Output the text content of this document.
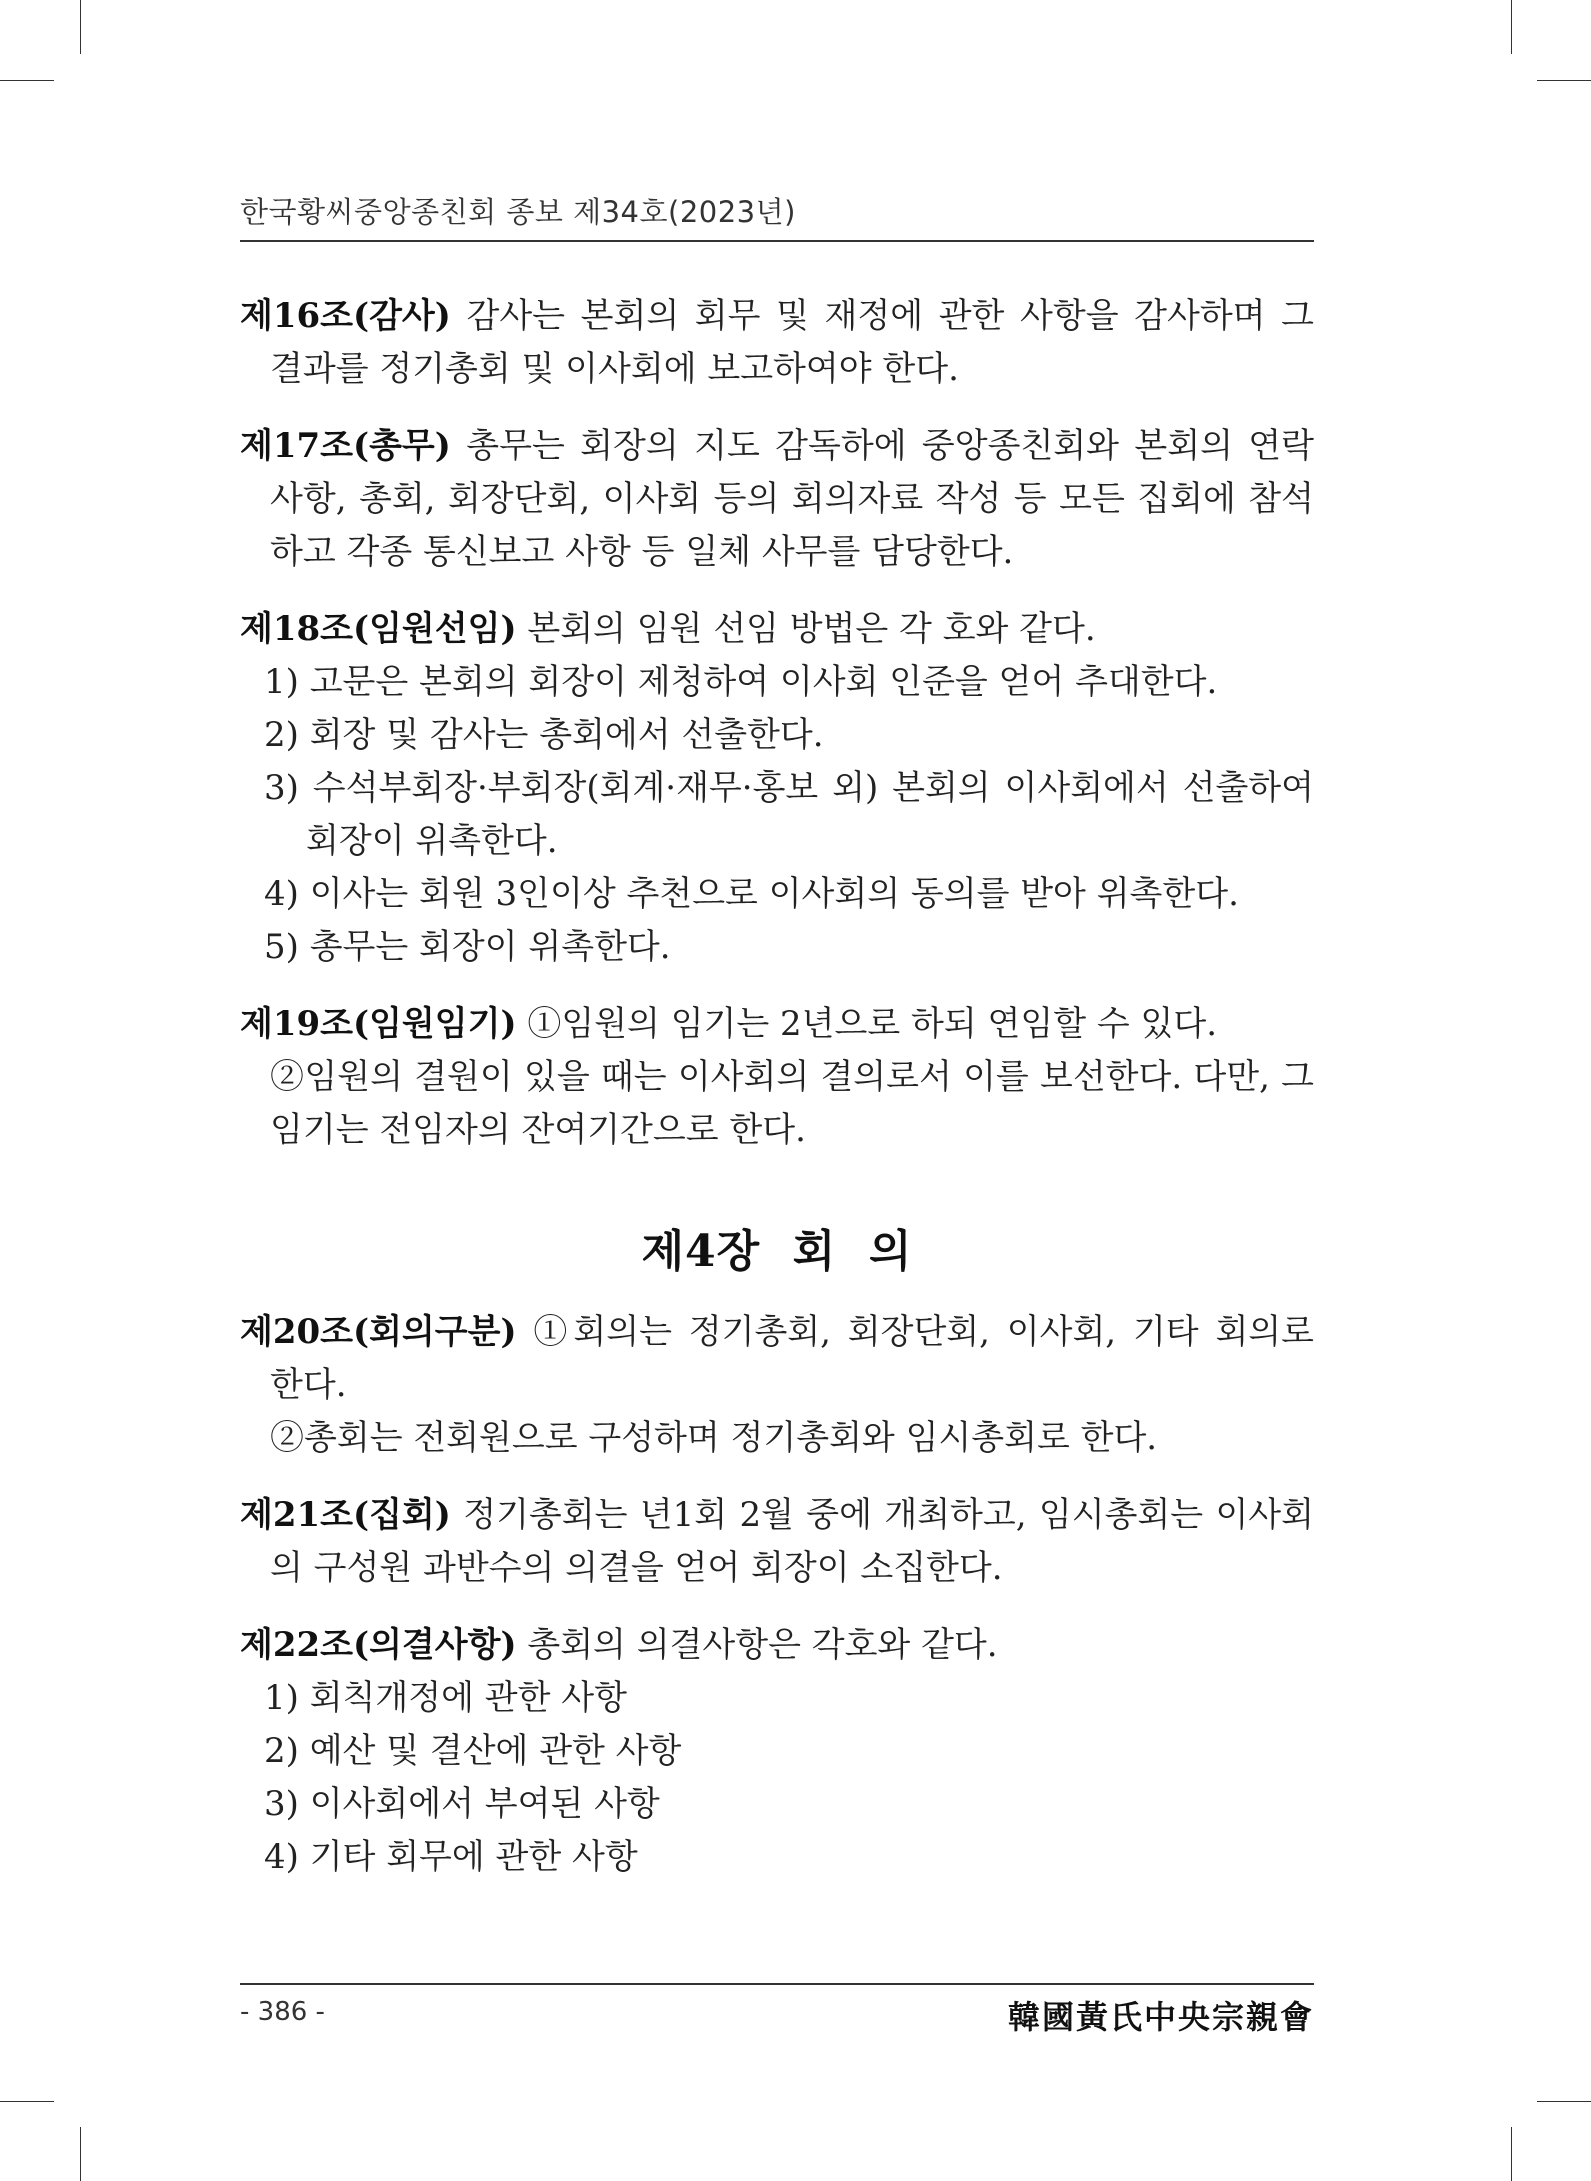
한국황씨중앙종친회 종보 제34호(2023년)
제16조(감사) 감사는 본회의 회무 및 재정에 관한 사항을 감사하며 그 결과를 정기총회 및 이사회에 보고하여야 한다.
제17조(총무) 총무는 회장의 지도 감독하에 중앙종친회와 본회의 연락사항, 총회, 회장단회, 이사회 등의 회의자료 작성 등 모든 집회에 참석하고 각종 통신보고 사항 등 일체 사무를 담당한다.
제18조(임원선임) 본회의 임원 선임 방법은 각 호와 같다.
1) 고문은 본회의 회장이 제청하여 이사회 인준을 얻어 추대한다.
2) 회장 및 감사는 총회에서 선출한다.
3) 수석부회장·부회장(회계·재무·홍보 외) 본회의 이사회에서 선출하여 회장이 위촉한다.
4) 이사는 회원 3인이상 추천으로 이사회의 동의를 받아 위촉한다.
5) 총무는 회장이 위촉한다.
제19조(임원임기) ①임원의 임기는 2년으로 하되 연임할 수 있다.
②임원의 결원이 있을 때는 이사회의 결의로서 이를 보선한다. 다만, 그 임기는 전임자의 잔여기간으로 한다.
제4장  회  의
제20조(회의구분) ①회의는 정기총회, 회장단회, 이사회, 기타 회의로 한다.
②총회는 전회원으로 구성하며 정기총회와 임시총회로 한다.
제21조(집회) 정기총회는 년1회 2월 중에 개최하고, 임시총회는 이사회의 구성원 과반수의 의결을 얻어 회장이 소집한다.
제22조(의결사항) 총회의 의결사항은 각호와 같다.
1) 회칙개정에 관한 사항
2) 예산 및 결산에 관한 사항
3) 이사회에서 부여된 사항
4) 기타 회무에 관한 사항
- 386 -	韓國黃氏中央宗親會
